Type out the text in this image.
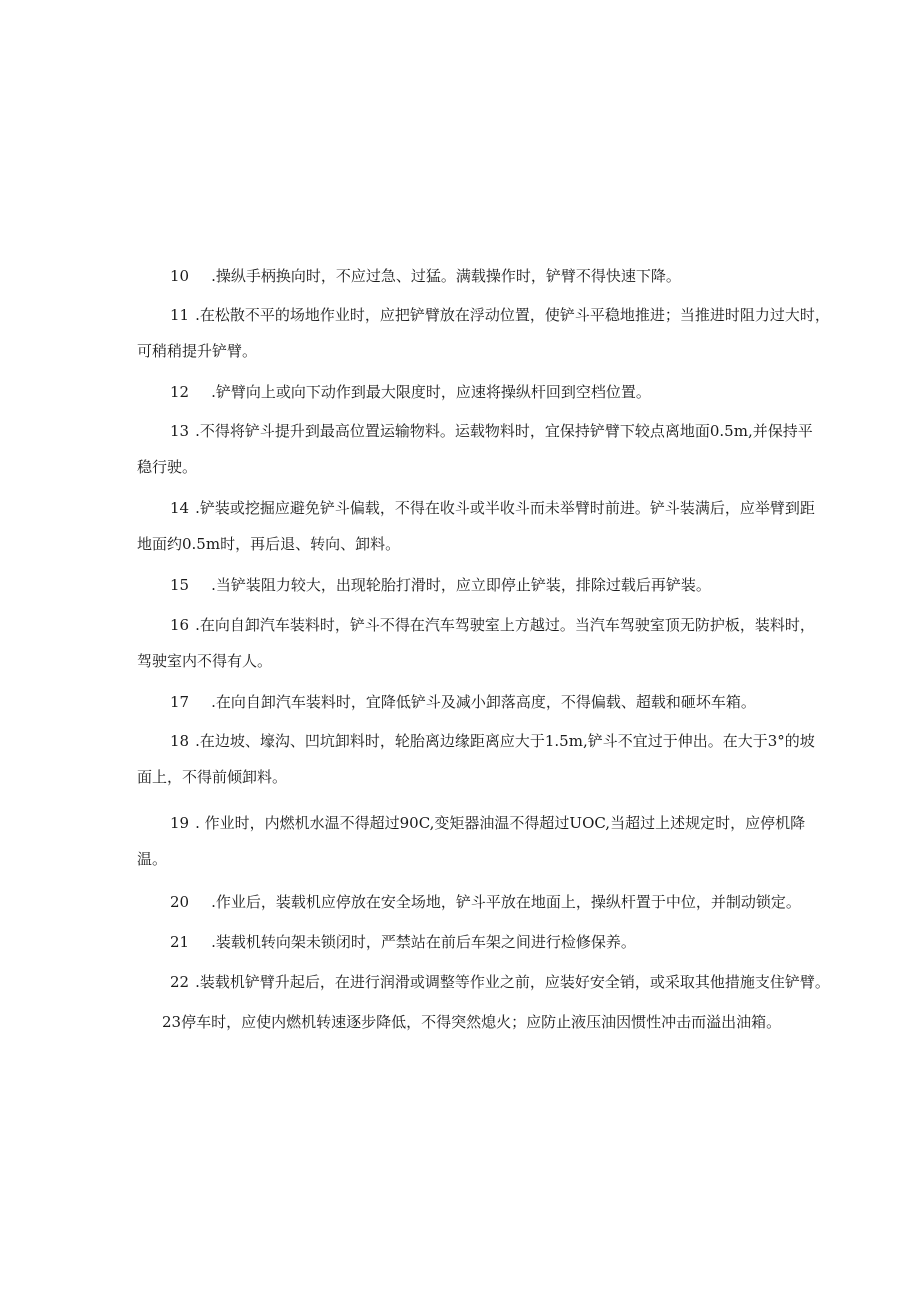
10 .操纵手柄换向时，不应过急、过猛。满载操作时，铲臂不得快速下降。
11 .在松散不平的场地作业时，应把铲臂放在浮动位置，使铲斗平稳地推进；当推进时阻力过大时，
可稍稍提升铲臂。
12 .铲臂向上或向下动作到最大限度时，应速将操纵杆回到空档位置。
13 .不得将铲斗提升到最高位置运输物料。运载物料时，宜保持铲臂下较点离地面0.5m,并保持平
稳行驶。
14 .铲装或挖掘应避免铲斗偏载，不得在收斗或半收斗而未举臂时前进。铲斗装满后，应举臂到距
地面约0.5m时，再后退、转向、卸料。
15 .当铲装阻力较大，出现轮胎打滑时，应立即停止铲装，排除过载后再铲装。
16 .在向自卸汽车装料时，铲斗不得在汽车驾驶室上方越过。当汽车驾驶室顶无防护板，装料时，
驾驶室内不得有人。
17 .在向自卸汽车装料时，宜降低铲斗及减小卸落高度，不得偏载、超载和砸坏车箱。
18 .在边坡、壕沟、凹坑卸料时，轮胎离边缘距离应大于1.5m,铲斗不宜过于伸出。在大于3°的坡
面上，不得前倾卸料。
19 . 作业时，内燃机水温不得超过90C,变矩器油温不得超过UOC,当超过上述规定时，应停机降
温。
20 .作业后，装载机应停放在安全场地，铲斗平放在地面上，操纵杆置于中位，并制动锁定。
21 .装载机转向架未锁闭时，严禁站在前后车架之间进行检修保养。
22 .装载机铲臂升起后，在进行润滑或调整等作业之前，应装好安全销，或采取其他措施支住铲臂。
23停车时，应使内燃机转速逐步降低，不得突然熄火；应防止液压油因惯性冲击而溢出油箱。
